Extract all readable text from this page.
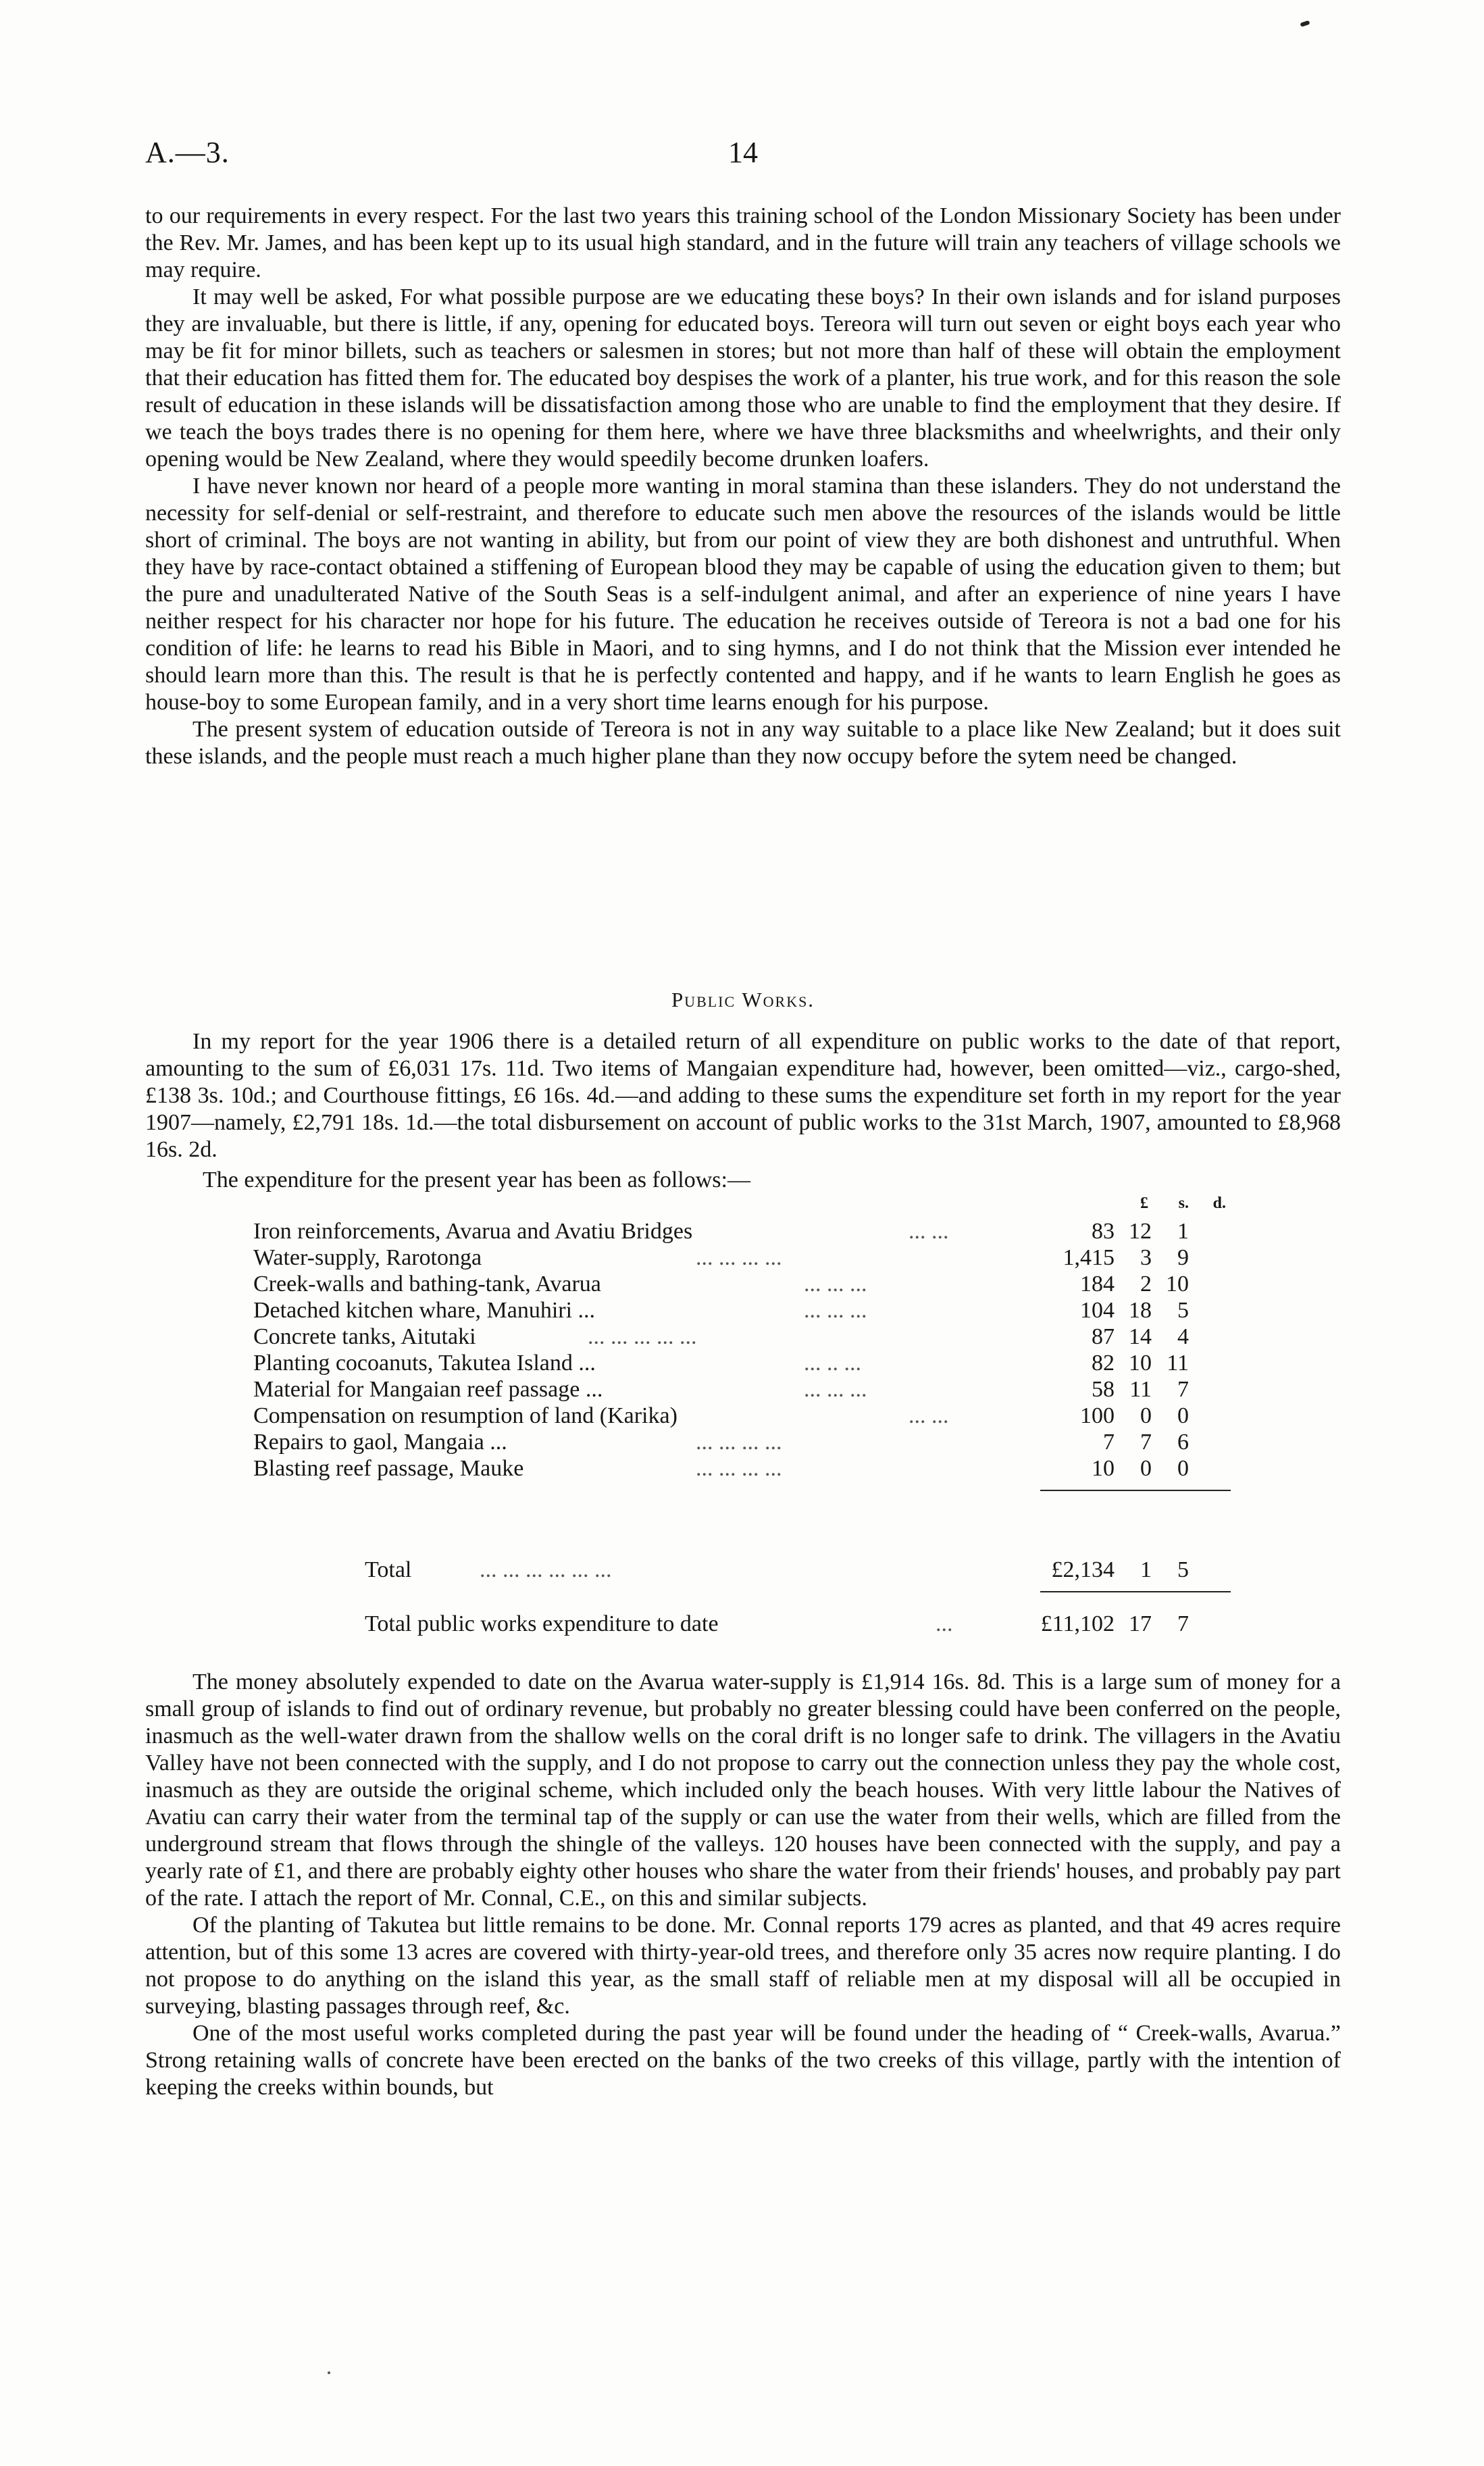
A.—3.	14

to our requirements in every respect. For the last two years this training school of the London Missionary Society has been under the Rev. Mr. James, and has been kept up to its usual high standard, and in the future will train any teachers of village schools we may require.

It may well be asked, For what possible purpose are we educating these boys? In their own islands and for island purposes they are invaluable, but there is little, if any, opening for educated boys. Tereora will turn out seven or eight boys each year who may be fit for minor billets, such as teachers or salesmen in stores; but not more than half of these will obtain the employment that their education has fitted them for. The educated boy despises the work of a planter, his true work, and for this reason the sole result of education in these islands will be dissatisfaction among those who are unable to find the employment that they desire. If we teach the boys trades there is no opening for them here, where we have three blacksmiths and wheelwrights, and their only opening would be New Zealand, where they would speedily become drunken loafers.

I have never known nor heard of a people more wanting in moral stamina than these islanders. They do not understand the necessity for self-denial or self-restraint, and therefore to educate such men above the resources of the islands would be little short of criminal. The boys are not wanting in ability, but from our point of view they are both dishonest and untruthful. When they have by race-contact obtained a stiffening of European blood they may be capable of using the education given to them; but the pure and unadulterated Native of the South Seas is a self-indulgent animal, and after an experience of nine years I have neither respect for his character nor hope for his future. The education he receives outside of Tereora is not a bad one for his condition of life: he learns to read his Bible in Maori, and to sing hymns, and I do not think that the Mission ever intended he should learn more than this. The result is that he is perfectly contented and happy, and if he wants to learn English he goes as house-boy to some European family, and in a very short time learns enough for his purpose.

The present system of education outside of Tereora is not in any way suitable to a place like New Zealand; but it does suit these islands, and the people must reach a much higher plane than they now occupy before the sytem need be changed.

Public Works.

In my report for the year 1906 there is a detailed return of all expenditure on public works to the date of that report, amounting to the sum of £6,031 17s. 11d. Two items of Mangaian expenditure had, however, been omitted—viz., cargo-shed, £138 3s. 10d.; and Courthouse fittings, £6 16s. 4d.—and adding to these sums the expenditure set forth in my report for the year 1907—namely, £2,791 18s. 1d.—the total disbursement on account of public works to the 31st March, 1907, amounted to £8,968 16s. 2d.

The expenditure for the present year has been as follows:—
£	s.	d.
Iron reinforcements, Avarua and Avatiu Bridges	... ...	83 12	1
Water-supply, Rarotonga	... ... ... ...	1,415	3	9
Creek-walls and bathing-tank, Avarua	... ... ...	184	2 10
Detached kitchen whare, Manuhiri ...	... ... ...	104 18	5
Concrete tanks, Aitutaki	... ... ... ... ...	87 14	4
Planting cocoanuts, Takutea Island ...	... .. ...	82 10 11
Material for Mangaian reef passage ...	... ... ...	58 11	7
Compensation on resumption of land (Karika)	... ...	100	0	0
Repairs to gaol, Mangaia ...	... ... ... ...	7	7	6
Blasting reef passage, Mauke	... ... ... ...	10	0	0
Total	... ... ... ... ... ...	£2,134	1	5
Total public works expenditure to date	...	£11,102 17	7

The money absolutely expended to date on the Avarua water-supply is £1,914 16s. 8d. This is a large sum of money for a small group of islands to find out of ordinary revenue, but probably no greater blessing could have been conferred on the people, inasmuch as the well-water drawn from the shallow wells on the coral drift is no longer safe to drink. The villagers in the Avatiu Valley have not been connected with the supply, and I do not propose to carry out the connection unless they pay the whole cost, inasmuch as they are outside the original scheme, which included only the beach houses. With very little labour the Natives of Avatiu can carry their water from the terminal tap of the supply or can use the water from their wells, which are filled from the underground stream that flows through the shingle of the valleys. 120 houses have been connected with the supply, and pay a yearly rate of £1, and there are probably eighty other houses who share the water from their friends' houses, and probably pay part of the rate. I attach the report of Mr. Connal, C.E., on this and similar subjects.

Of the planting of Takutea but little remains to be done. Mr. Connal reports 179 acres as planted, and that 49 acres require attention, but of this some 13 acres are covered with thirty-year-old trees, and therefore only 35 acres now require planting. I do not propose to do anything on the island this year, as the small staff of reliable men at my disposal will all be occupied in surveying, blasting passages through reef, &c.

One of the most useful works completed during the past year will be found under the heading of “ Creek-walls, Avarua.” Strong retaining walls of concrete have been erected on the banks of the two creeks of this village, partly with the intention of keeping the creeks within bounds, but
